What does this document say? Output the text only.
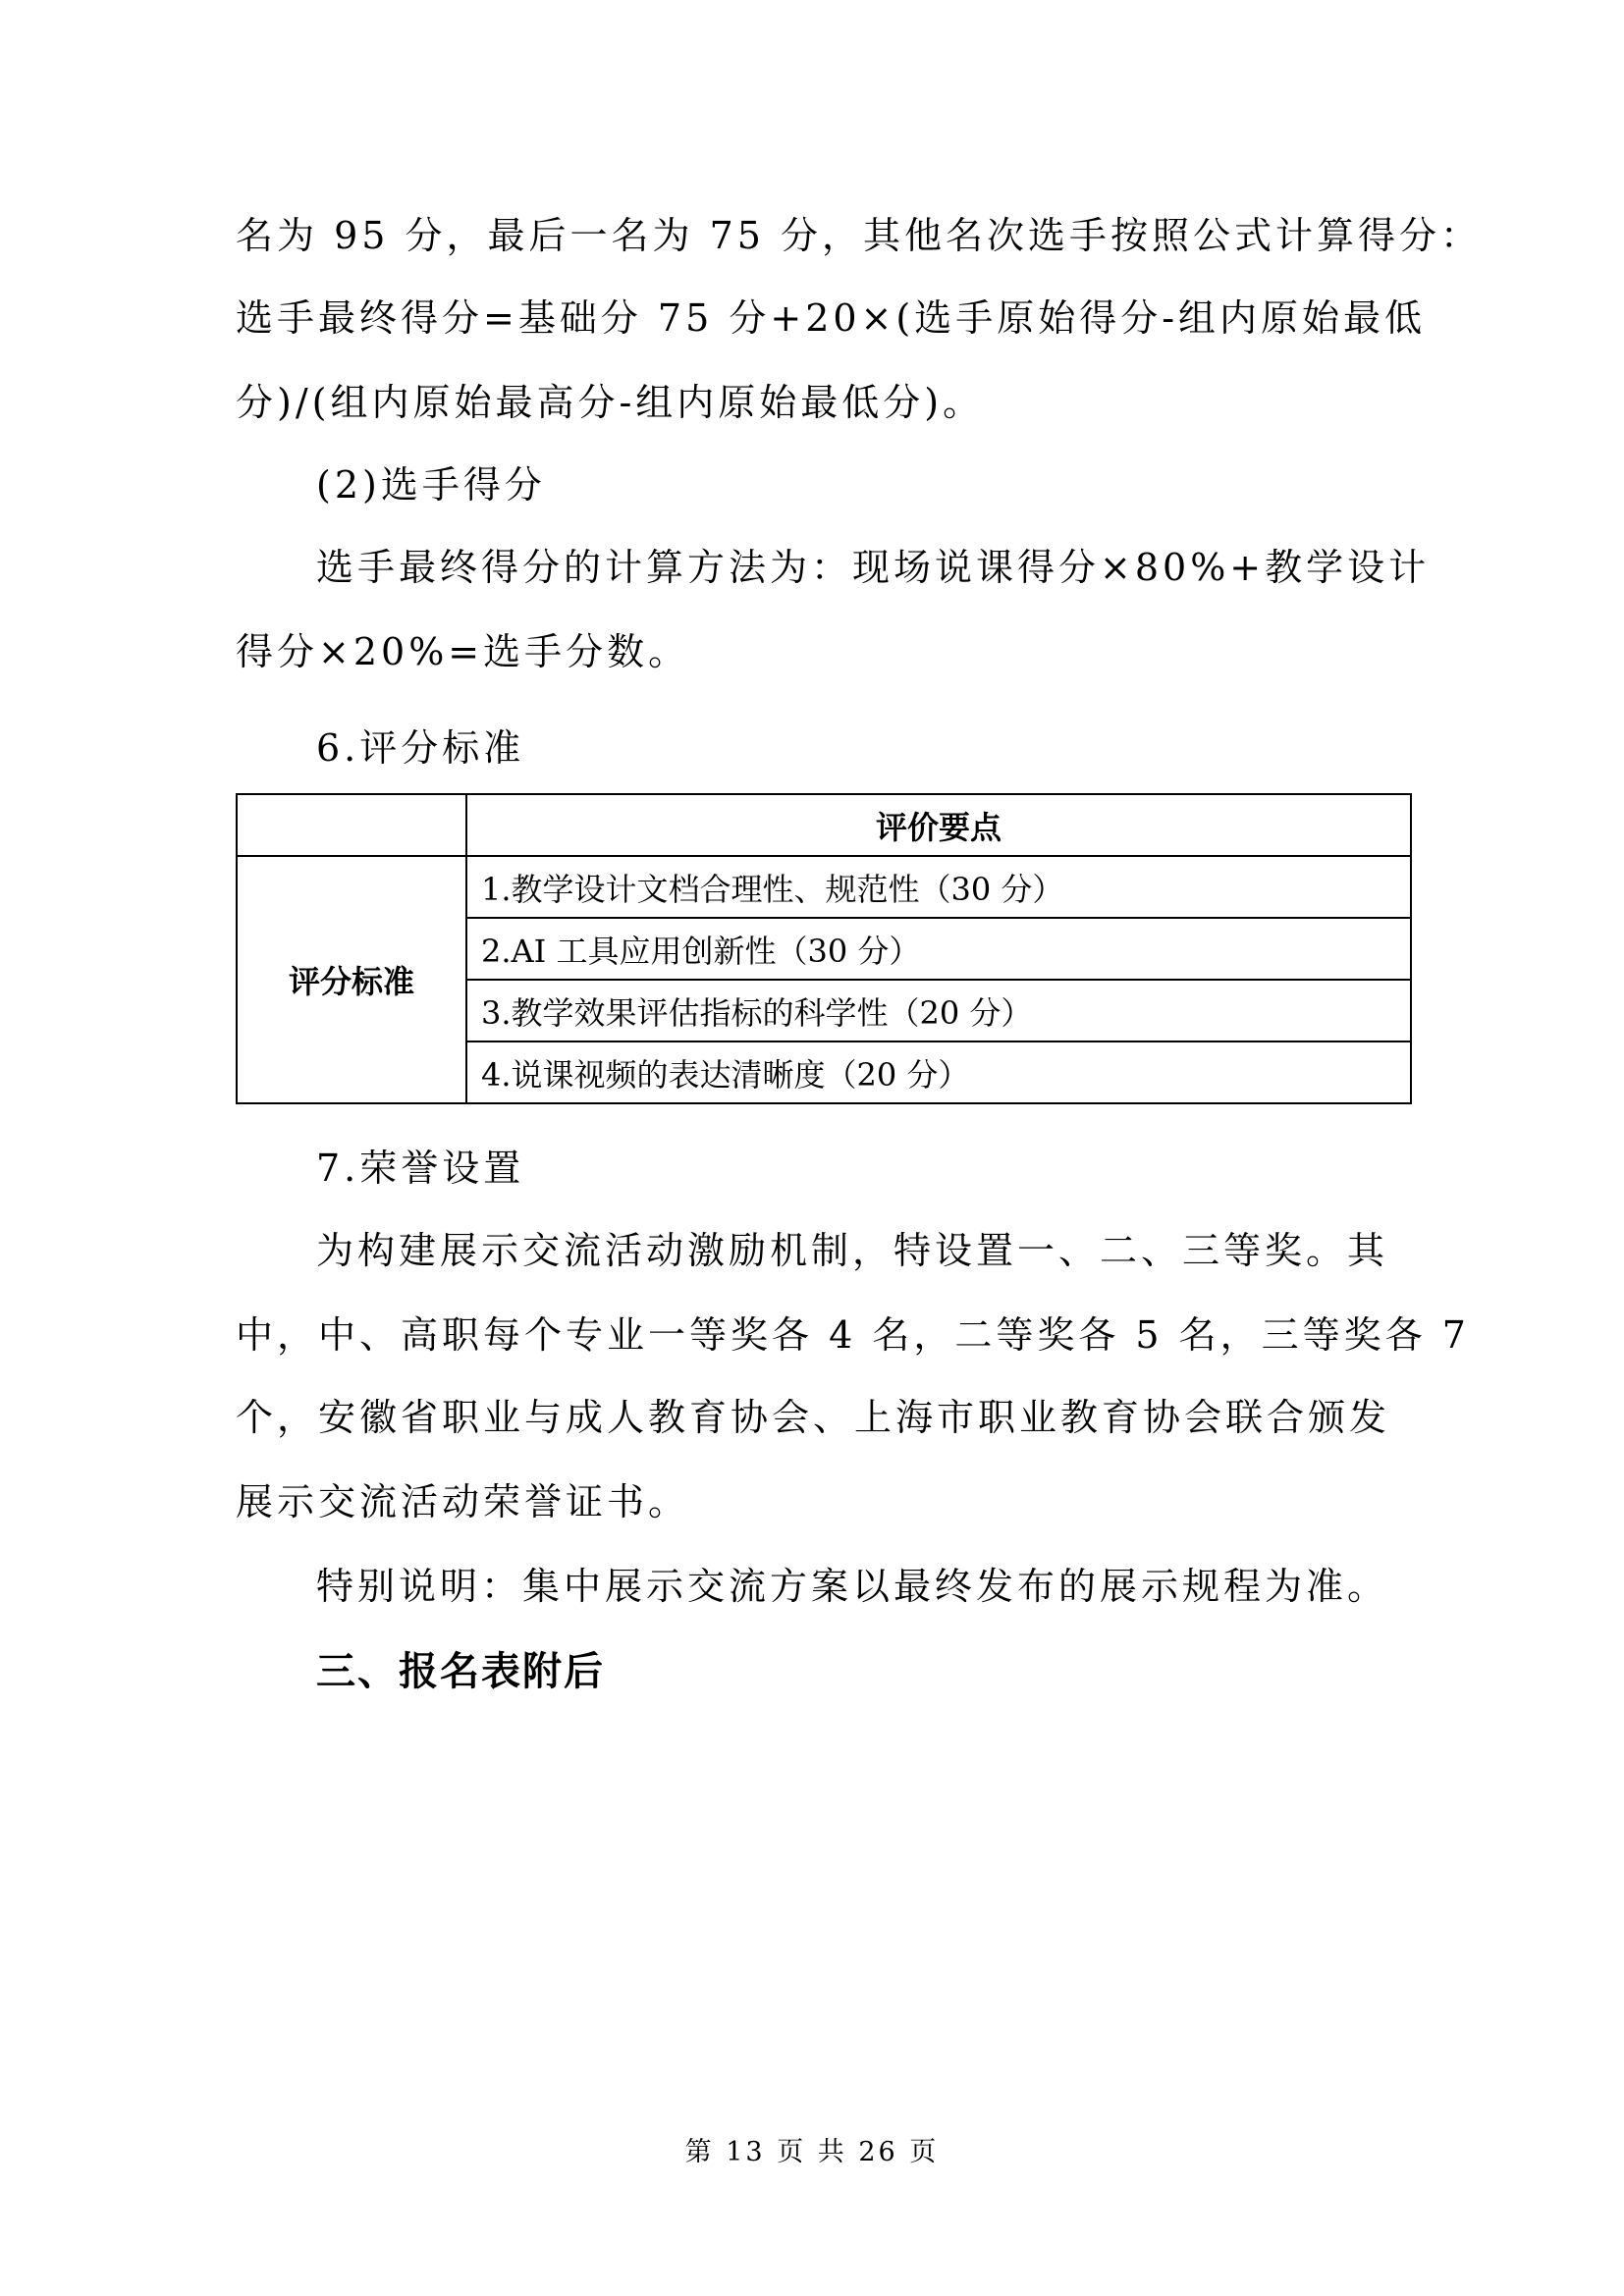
名为 95 分，最后一名为 75 分，其他名次选手按照公式计算得分：
选手最终得分=基础分 75 分+20×(选手原始得分-组内原始最低
分)/(组内原始最高分-组内原始最低分)。
(2)选手得分
选手最终得分的计算方法为：现场说课得分×80%+教学设计
得分×20%=选手分数。
6.评分标准
	评价要点
评分标准	1.教学设计文档合理性、规范性（30 分）
	2.AI 工具应用创新性（30 分）
	3.教学效果评估指标的科学性（20 分）
	4.说课视频的表达清晰度（20 分）
7.荣誉设置
为构建展示交流活动激励机制，特设置一、二、三等奖。其
中，中、高职每个专业一等奖各 4 名，二等奖各 5 名，三等奖各 7
个，安徽省职业与成人教育协会、上海市职业教育协会联合颁发
展示交流活动荣誉证书。
特别说明：集中展示交流方案以最终发布的展示规程为准。
三、报名表附后
第 13 页 共 26 页
